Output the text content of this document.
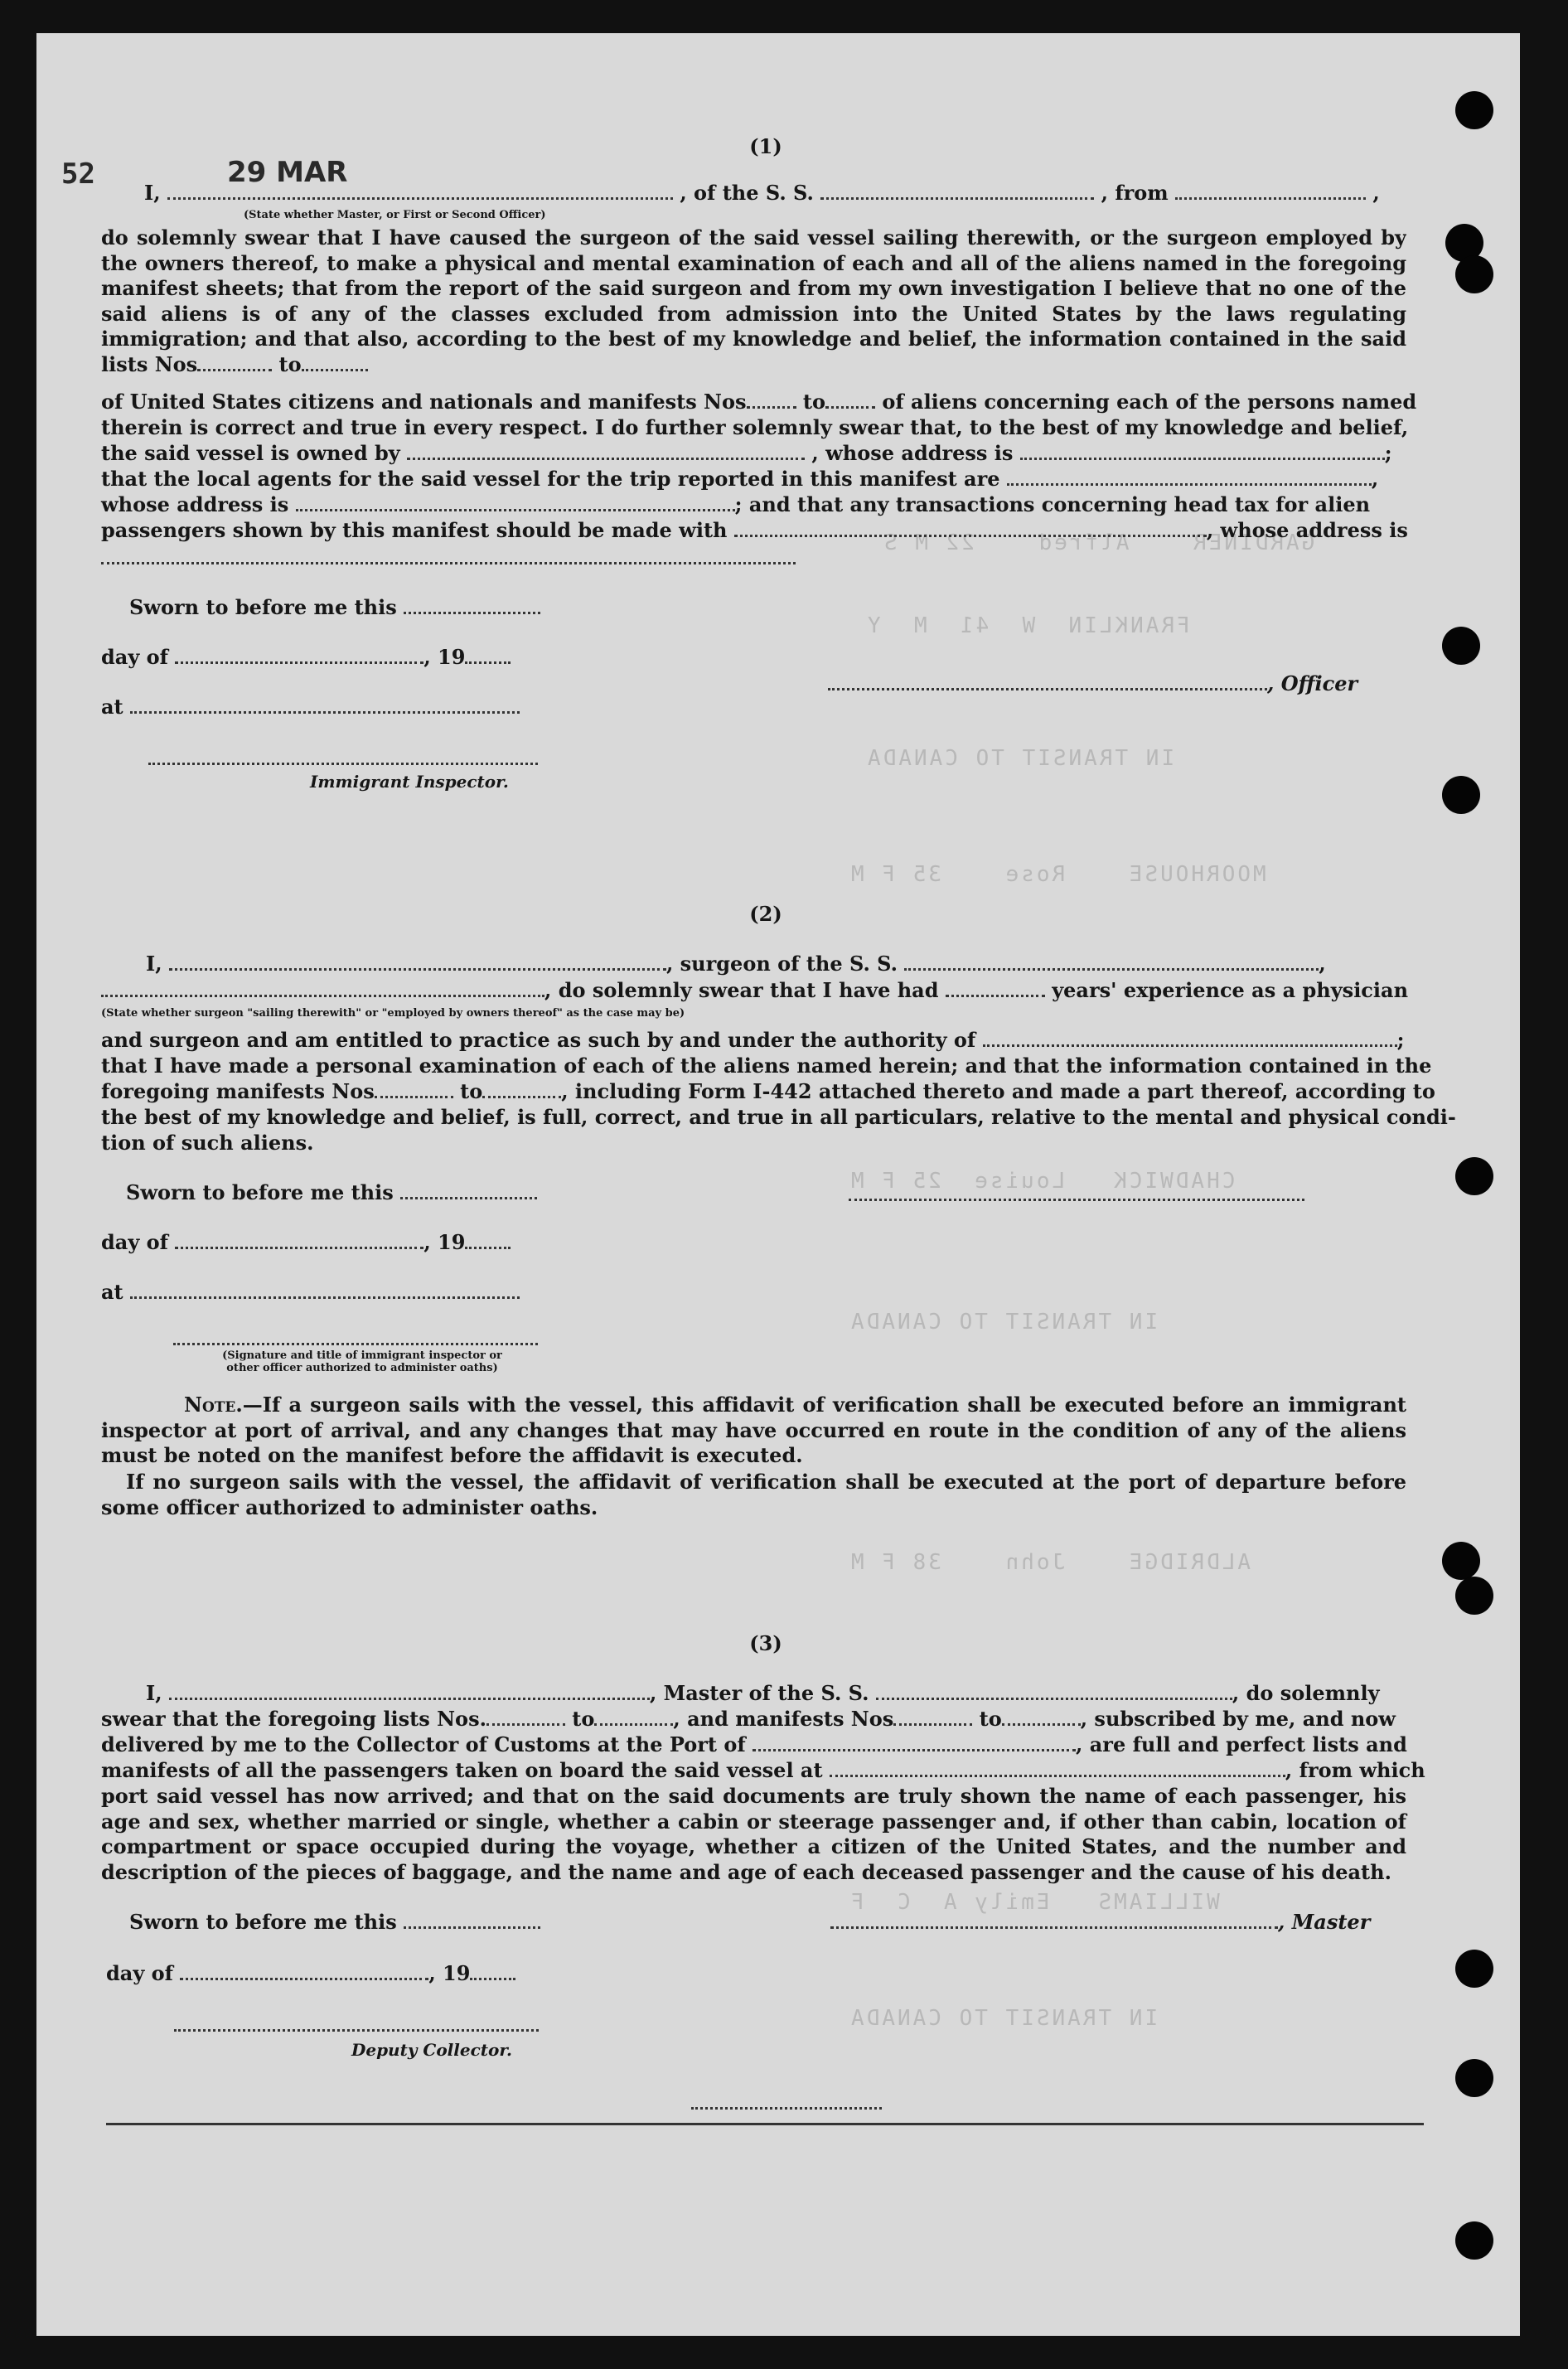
GARDINER    Alfred    22 M S
FRANKLIN  W  41  M  Y
IN TRANSIT TO CANADA
MOORHOUSE    Rose    35 F M
CHADWICK   Louise  25 F M
IN TRANSIT TO CANADA
ALDRIDGE    John    38 F M
WILLIAMS   Emily A  C  F
IN TRANSIT TO CANADA
52	29 MAR
(1)
I,	, of the S. S.	, from	,
(State whether Master, or First or Second Officer)
do solemnly swear that I have caused the surgeon of the said vessel sailing therewith, or the surgeon employed by the owners thereof, to make a physical and mental examination of each and all of the aliens named in the foregoing manifest sheets; that from the report of the said surgeon and from my own investigation I believe that no one of the said aliens is of any of the classes excluded from admission into the United States by the laws regulating immigration; and that also, according to the best of my knowledge and belief, the information contained in the said lists Nos	to
of United States citizens and nationals and manifests Nos	to	of aliens concerning each of the persons named
therein is correct and true in every respect. I do further solemnly swear that, to the best of my knowledge and belief,
the said vessel is owned by	, whose address is	;
that the local agents for the said vessel for the trip reported in this manifest are	,
whose address is	; and that any transactions concerning head tax for alien
passengers shown by this manifest should be made with	, whose address is
Sworn to before me this
day of	, 19
at
, Officer
Immigrant Inspector.
(2)
I,	, surgeon of the S. S.	,
, do solemnly swear that I have had	years' experience as a physician
(State whether surgeon "sailing therewith" or "employed by owners thereof" as the case may be)
and surgeon and am entitled to practice as such by and under the authority of	;
that I have made a personal examination of each of the aliens named herein; and that the information contained in the
foregoing manifests Nos	to	, including Form I-442 attached thereto and made a part thereof, according to
the best of my knowledge and belief, is full, correct, and true in all particulars, relative to the mental and physical condi-
tion of such aliens.
Sworn to before me this
day of	, 19
at
(Signature and title of immigrant inspector or
other officer authorized to administer oaths)
Note.—If a surgeon sails with the vessel, this affidavit of verification shall be executed before an immigrant inspector at port of arrival, and any changes that may have occurred en route in the condition of any of the aliens must be noted on the manifest before the affidavit is executed.
If no surgeon sails with the vessel, the affidavit of verification shall be executed at the port of departure before some officer authorized to administer oaths.
(3)
I,	, Master of the S. S.	, do solemnly
swear that the foregoing lists Nos.	to	, and manifests Nos	to	, subscribed by me, and now
delivered by me to the Collector of Customs at the Port of	, are full and perfect lists and
manifests of all the passengers taken on board the said vessel at	, from which
port said vessel has now arrived; and that on the said documents are truly shown the name of each passenger, his age and sex, whether married or single, whether a cabin or steerage passenger and, if other than cabin, location of compartment or space occupied during the voyage, whether a citizen of the United States, and the number and description of the pieces of baggage, and the name and age of each deceased passenger and the cause of his death.
Sworn to before me this	, Master
day of	, 19
Deputy Collector.
